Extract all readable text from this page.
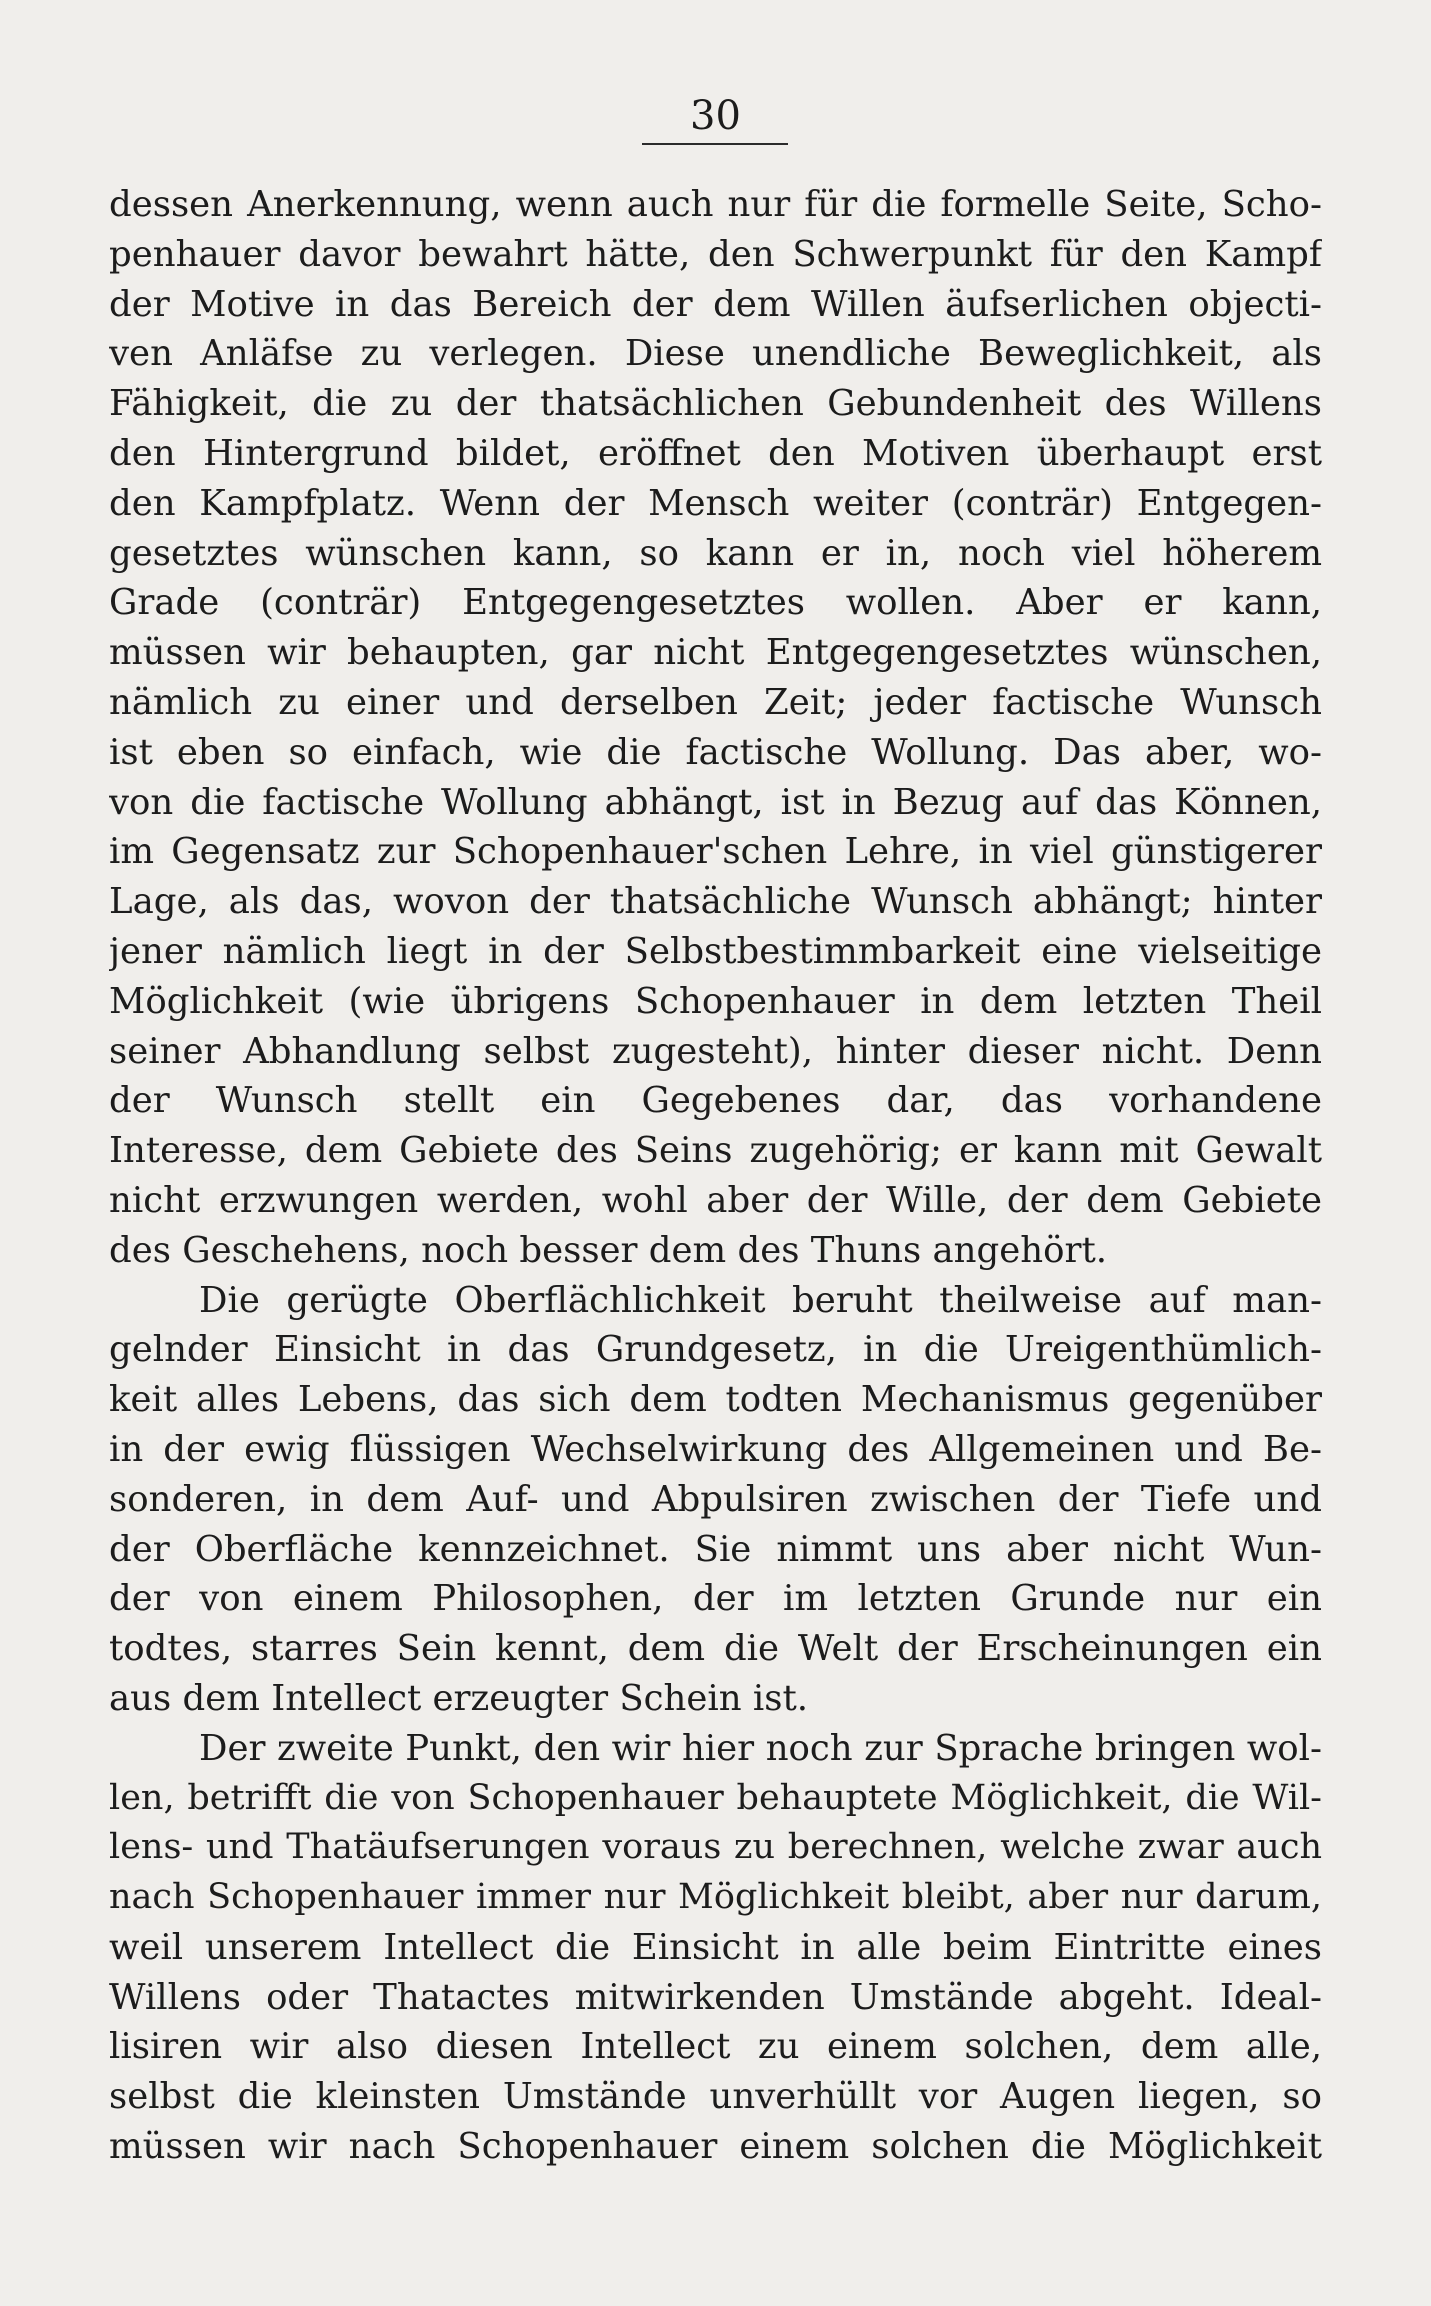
30
dessen Anerkennung, wenn auch nur für die formelle Seite, Scho-
penhauer davor bewahrt hätte, den Schwerpunkt für den Kampf
der Motive in das Bereich der dem Willen äufserlichen objecti-
ven Anläfse zu verlegen. Diese unendliche Beweglichkeit, als
Fähigkeit, die zu der thatsächlichen Gebundenheit des Willens
den Hintergrund bildet, eröffnet den Motiven überhaupt erst
den Kampfplatz. Wenn der Mensch weiter (conträr) Entgegen-
gesetztes wünschen kann, so kann er in, noch viel höherem
Grade (conträr) Entgegengesetztes wollen. Aber er kann,
müssen wir behaupten, gar nicht Entgegengesetztes wünschen,
nämlich zu einer und derselben Zeit; jeder factische Wunsch
ist eben so einfach, wie die factische Wollung. Das aber, wo-
von die factische Wollung abhängt, ist in Bezug auf das Können,
im Gegensatz zur Schopenhauer'schen Lehre, in viel günstigerer
Lage, als das, wovon der thatsächliche Wunsch abhängt; hinter
jener nämlich liegt in der Selbstbestimmbarkeit eine vielseitige
Möglichkeit (wie übrigens Schopenhauer in dem letzten Theil
seiner Abhandlung selbst zugesteht), hinter dieser nicht. Denn
der Wunsch stellt ein Gegebenes dar, das vorhandene
Interesse, dem Gebiete des Seins zugehörig; er kann mit Gewalt
nicht erzwungen werden, wohl aber der Wille, der dem Gebiete
des Geschehens, noch besser dem des Thuns angehört.
Die gerügte Oberflächlichkeit beruht theilweise auf man-
gelnder Einsicht in das Grundgesetz, in die Ureigenthümlich-
keit alles Lebens, das sich dem todten Mechanismus gegenüber
in der ewig flüssigen Wechselwirkung des Allgemeinen und Be-
sonderen, in dem Auf- und Abpulsiren zwischen der Tiefe und
der Oberfläche kennzeichnet. Sie nimmt uns aber nicht Wun-
der von einem Philosophen, der im letzten Grunde nur ein
todtes, starres Sein kennt, dem die Welt der Erscheinungen ein
aus dem Intellect erzeugter Schein ist.
Der zweite Punkt, den wir hier noch zur Sprache bringen wol-
len, betrifft die von Schopenhauer behauptete Möglichkeit, die Wil-
lens- und Thatäufserungen voraus zu berechnen, welche zwar auch
nach Schopenhauer immer nur Möglichkeit bleibt, aber nur darum,
weil unserem Intellect die Einsicht in alle beim Eintritte eines
Willens oder Thatactes mitwirkenden Umstände abgeht. Ideal-
lisiren wir also diesen Intellect zu einem solchen, dem alle,
selbst die kleinsten Umstände unverhüllt vor Augen liegen, so
müssen wir nach Schopenhauer einem solchen die Möglichkeit
